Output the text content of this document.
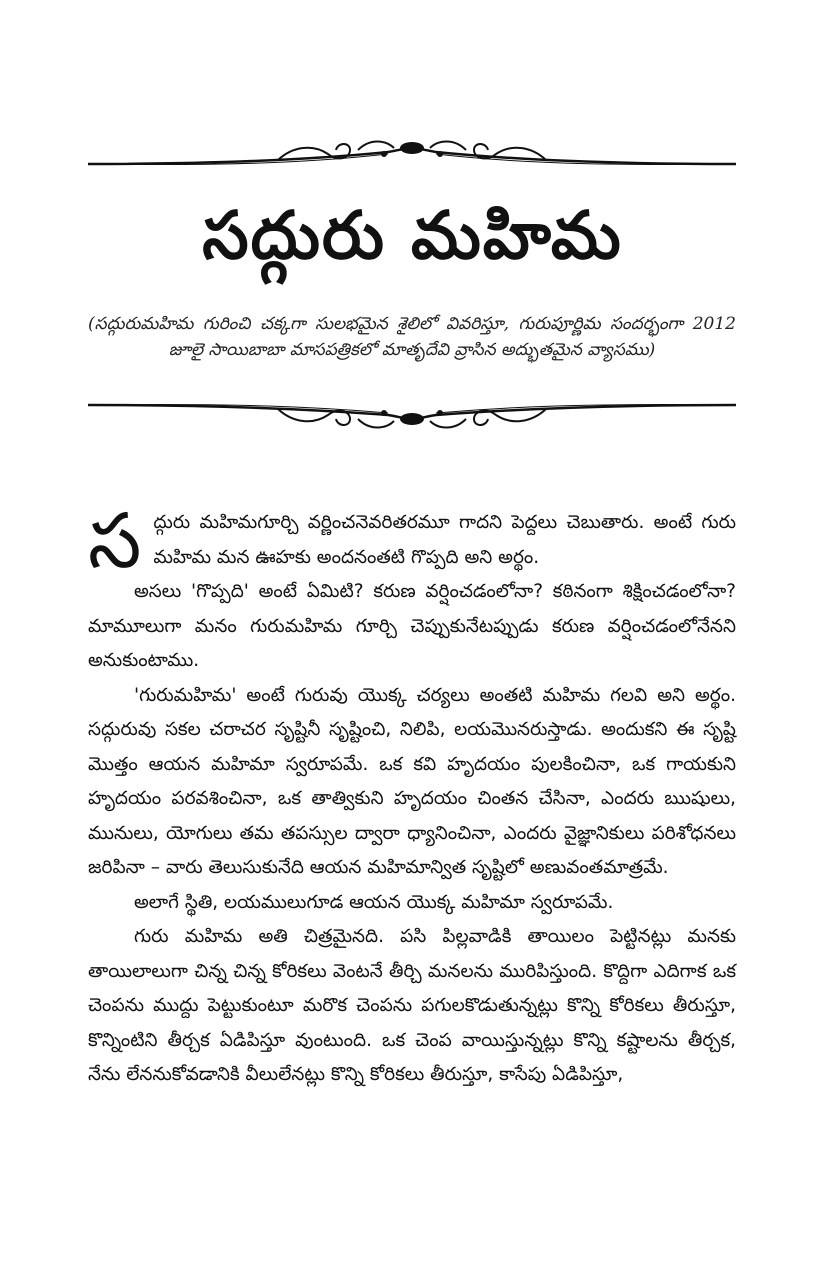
సద్గురు మహిమ
(సద్గురుమహిమ గురించి చక్కగా సులభమైన శైలిలో వివరిస్తూ, గురుపూర్ణిమ సందర్భంగా 2012 జూలై సాయిబాబా మాసపత్రికలో మాతృదేవి వ్రాసిన అద్భుతమైన వ్యాసము)

సద్గురు మహిమగూర్చి వర్ణించనెవరితరమూ గాదని పెద్దలు చెబుతారు. అంటే గురు మహిమ మన ఊహకు అందనంతటి గొప్పది అని అర్థం.

అసలు 'గొప్పది' అంటే ఏమిటి? కరుణ వర్షించడంలోనా? కఠినంగా శిక్షించడంలోనా? మామూలుగా మనం గురుమహిమ గూర్చి చెప్పుకునేటప్పుడు కరుణ వర్షించడంలోనేనని అనుకుంటాము.

'గురుమహిమ' అంటే గురువు యొక్క చర్యలు అంతటి మహిమ గలవి అని అర్థం. సద్గురువు సకల చరాచర సృష్టినీ సృష్టించి, నిలిపి, లయమొనరుస్తాడు. అందుకని ఈ సృష్టి మొత్తం ఆయన మహిమా స్వరూపమే. ఒక కవి హృదయం పులకించినా, ఒక గాయకుని హృదయం పరవశించినా, ఒక తాత్వికుని హృదయం చింతన చేసినా, ఎందరు ఋషులు, మునులు, యోగులు తమ తపస్సుల ద్వారా ధ్యానించినా, ఎందరు వైజ్ఞానికులు పరిశోధనలు జరిపినా – వారు తెలుసుకునేది ఆయన మహిమాన్విత సృష్టిలో అణువంతమాత్రమే.

అలాగే స్థితి, లయములుగూడ ఆయన యొక్క మహిమా స్వరూపమే.

గురు మహిమ అతి చిత్రమైనది. పసి పిల్లవాడికి తాయిలం పెట్టినట్లు మనకు తాయిలాలుగా చిన్న చిన్న కోరికలు వెంటనే తీర్చి మనలను మురిపిస్తుంది. కొద్దిగా ఎదిగాక ఒక చెంపను ముద్దు పెట్టుకుంటూ మరొక చెంపను పగులకొడుతున్నట్లు కొన్ని కోరికలు తీరుస్తూ, కొన్నింటిని తీర్చక ఏడిపిస్తూ వుంటుంది. ఒక చెంప వాయిస్తున్నట్లు కొన్ని కష్టాలను తీర్చక, నేను లేననుకోవడానికి వీలులేనట్లు కొన్ని కోరికలు తీరుస్తూ, కాసేపు ఏడిపిస్తూ,
